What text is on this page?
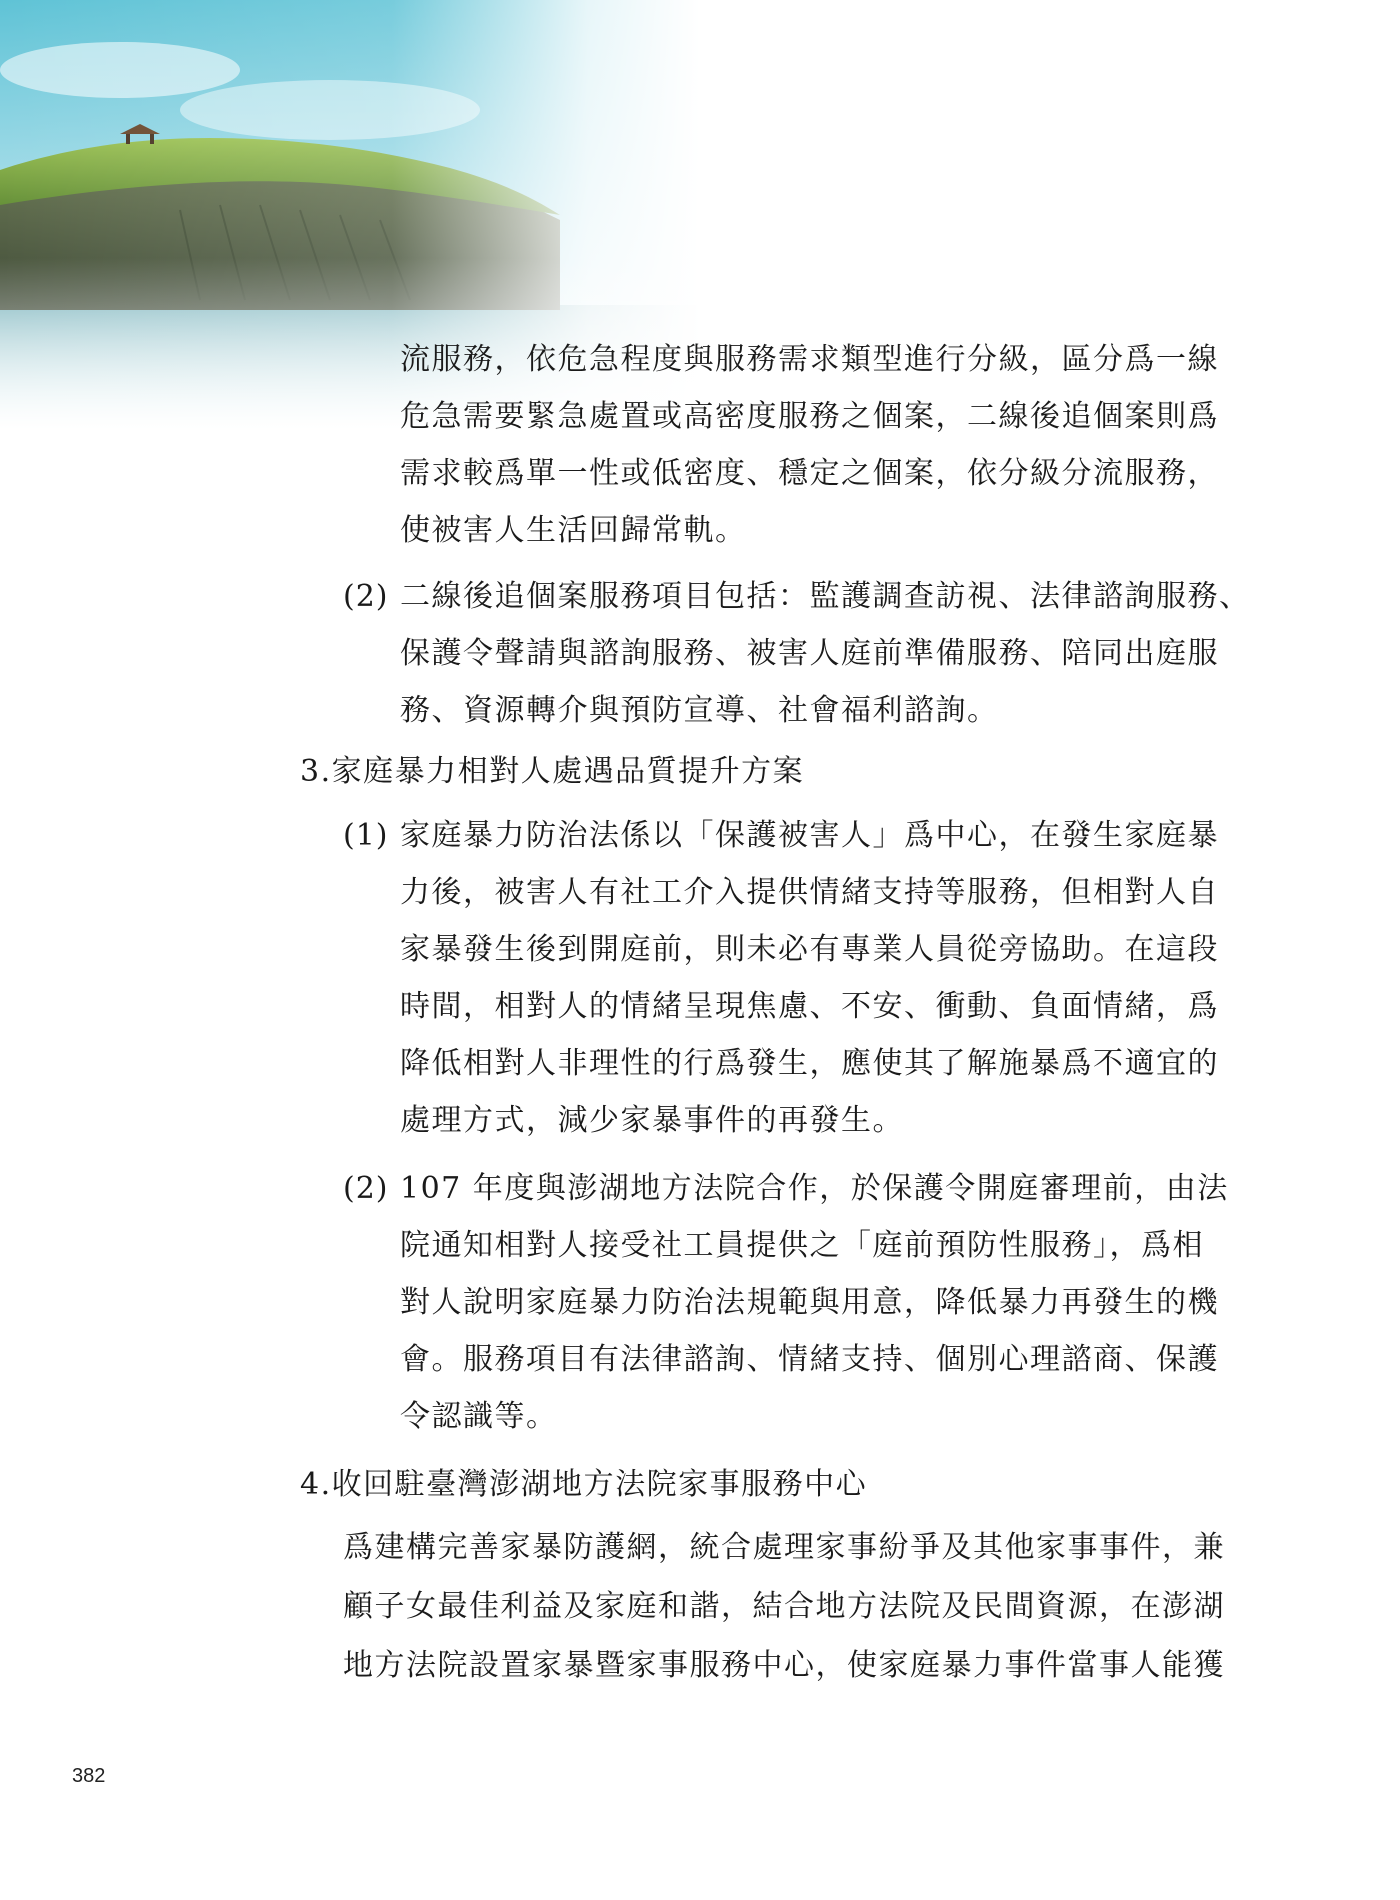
流服務，依危急程度與服務需求類型進行分級，區分爲一線
危急需要緊急處置或高密度服務之個案，二線後追個案則爲
需求較爲單一性或低密度、穩定之個案，依分級分流服務，
使被害人生活回歸常軌。
(2) 二線後追個案服務項目包括：監護調查訪視、法律諮詢服務、
保護令聲請與諮詢服務、被害人庭前準備服務、陪同出庭服
務、資源轉介與預防宣導、社會福利諮詢。
3.家庭暴力相對人處遇品質提升方案
(1) 家庭暴力防治法係以「保護被害人」爲中心，在發生家庭暴
力後，被害人有社工介入提供情緒支持等服務，但相對人自
家暴發生後到開庭前，則未必有專業人員從旁協助。在這段
時間，相對人的情緒呈現焦慮、不安、衝動、負面情緒，爲
降低相對人非理性的行爲發生，應使其了解施暴爲不適宜的
處理方式，減少家暴事件的再發生。
(2) 107 年度與澎湖地方法院合作，於保護令開庭審理前，由法
院通知相對人接受社工員提供之「庭前預防性服務」，爲相
對人說明家庭暴力防治法規範與用意，降低暴力再發生的機
會。服務項目有法律諮詢、情緒支持、個別心理諮商、保護
令認識等。
4.收回駐臺灣澎湖地方法院家事服務中心
爲建構完善家暴防護網，統合處理家事紛爭及其他家事事件，兼
顧子女最佳利益及家庭和諧，結合地方法院及民間資源，在澎湖
地方法院設置家暴暨家事服務中心，使家庭暴力事件當事人能獲
382
